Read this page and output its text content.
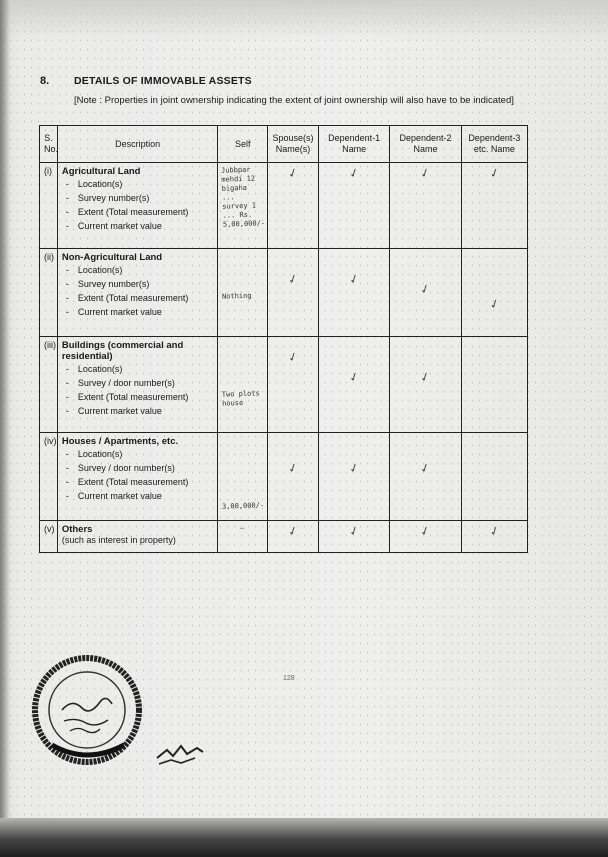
8. DETAILS OF IMMOVABLE ASSETS
[Note : Properties in joint ownership indicating the extent of joint ownership will also have to be indicated]
S. No.	Description	Self	Spouse(s) Name(s)	Dependent-1 Name	Dependent-2 Name	Dependent-3 etc. Name
(i)	Agricultural Land
- Location(s)
- Survey number(s)
- Extent (Total measurement)
- Current market value	Jubbpar mehdi 12 bigaha ... survey 1 ... Rs. 5,00,000/-	✓	✓	✓	✓

(ii)	Non-Agricultural Land
- Location(s)
- Survey number(s)
- Extent (Total measurement)
- Current market value	Nothing	✓	✓	✓	✓

(iii)	Buildings (commercial and residential)
- Location(s)
- Survey / door number(s)
- Extent (Total measurement)
- Current market value	Two plots house	✓	✓	✓	

(iv)	Houses / Apartments, etc.
- Location(s)
- Survey / door number(s)
- Extent (Total measurement)
- Current market value	3,00,000/-	✓	✓	✓	

(v)	Others
(such as interest in property)	—	✓	✓	✓	✓
128
